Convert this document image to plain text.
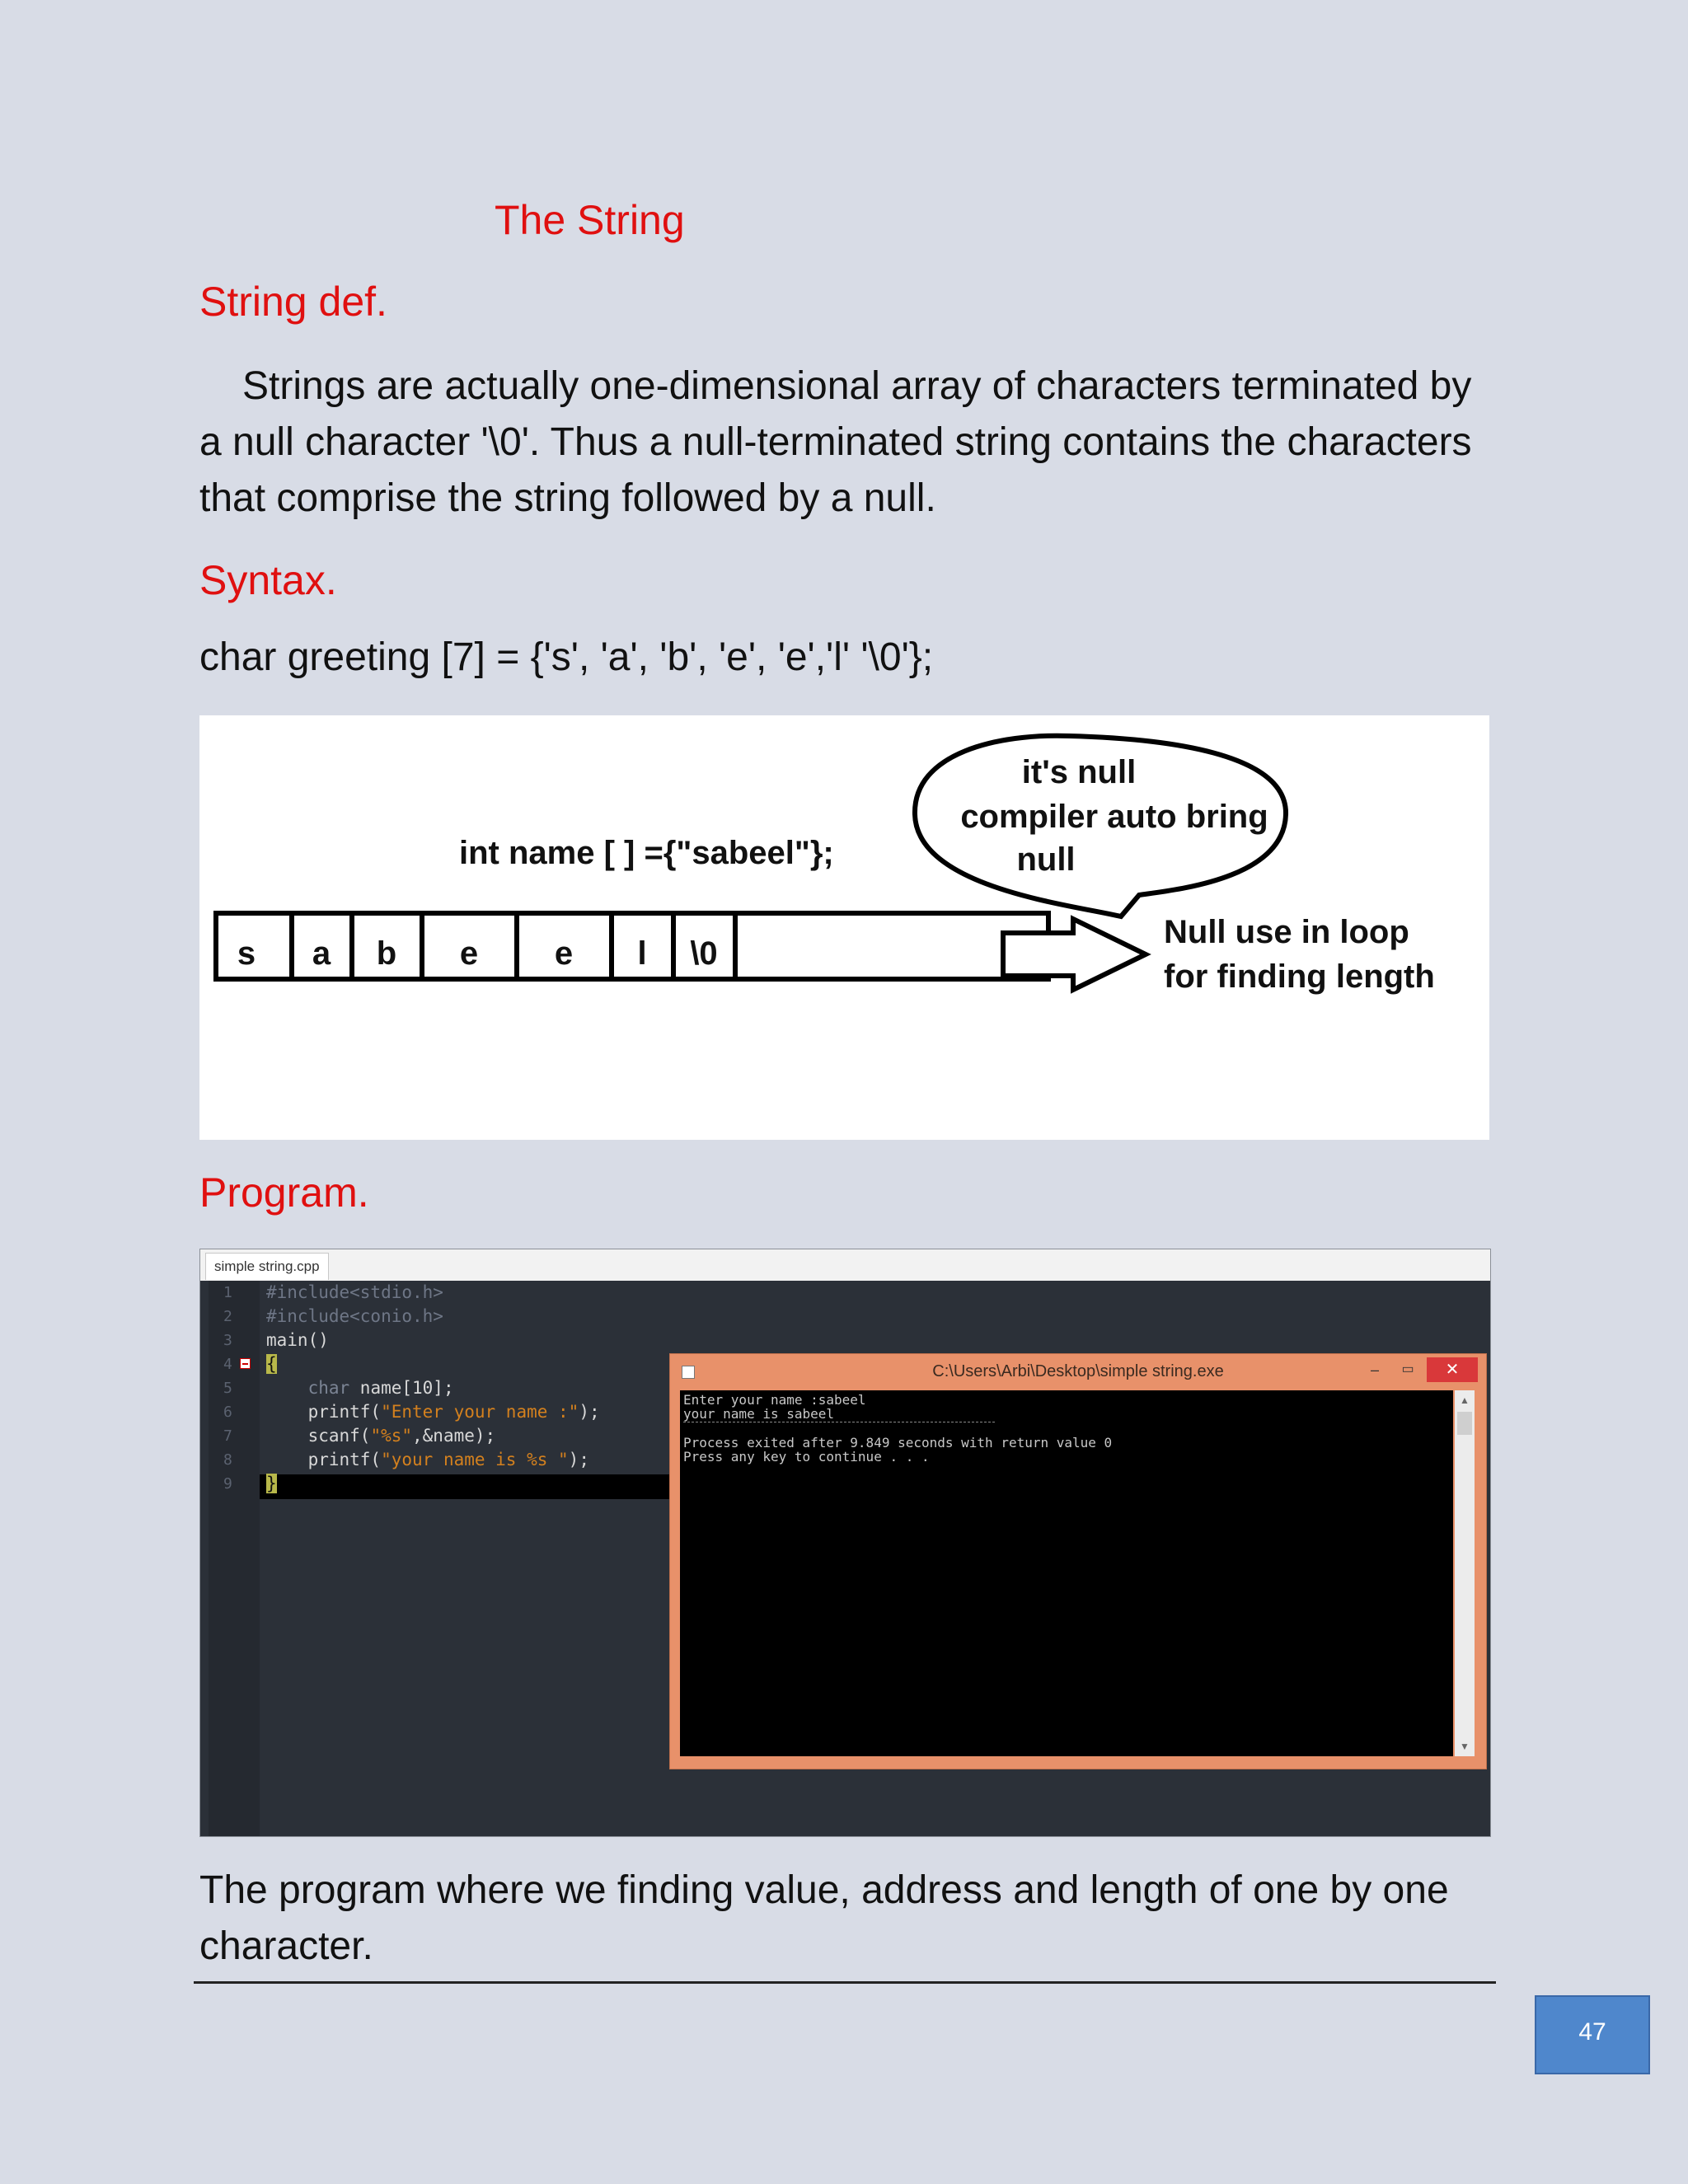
The String
String def.
Strings are actually one-dimensional array of characters terminated by a null character '\0'. Thus a null-terminated string contains the characters that comprise the string followed by a null.
Syntax.
char greeting [7] = {'s', 'a', 'b', 'e', 'e','l' '\0'};
s a b e e l \0
int name [ ] ={"sabeel"};
it's null
compiler auto bring
null
Null use in loop
for finding length
Program.
simple string.cpp
1
2
3
4
5
6
7
8
9
#include<stdio.h>
#include<conio.h>
main()
{
char name[10];
printf("Enter your name :");
scanf("%s",&name);
printf("your name is %s ");
}
C:\Users\Arbi\Desktop\simple string.exe	–	▭	✕
Enter your name :sabeel
your name is sabeel
Process exited after 9.849 seconds with return value 0
Press any key to continue . . .
▲
▼
The program where we finding value, address and length of one by one character.
47
